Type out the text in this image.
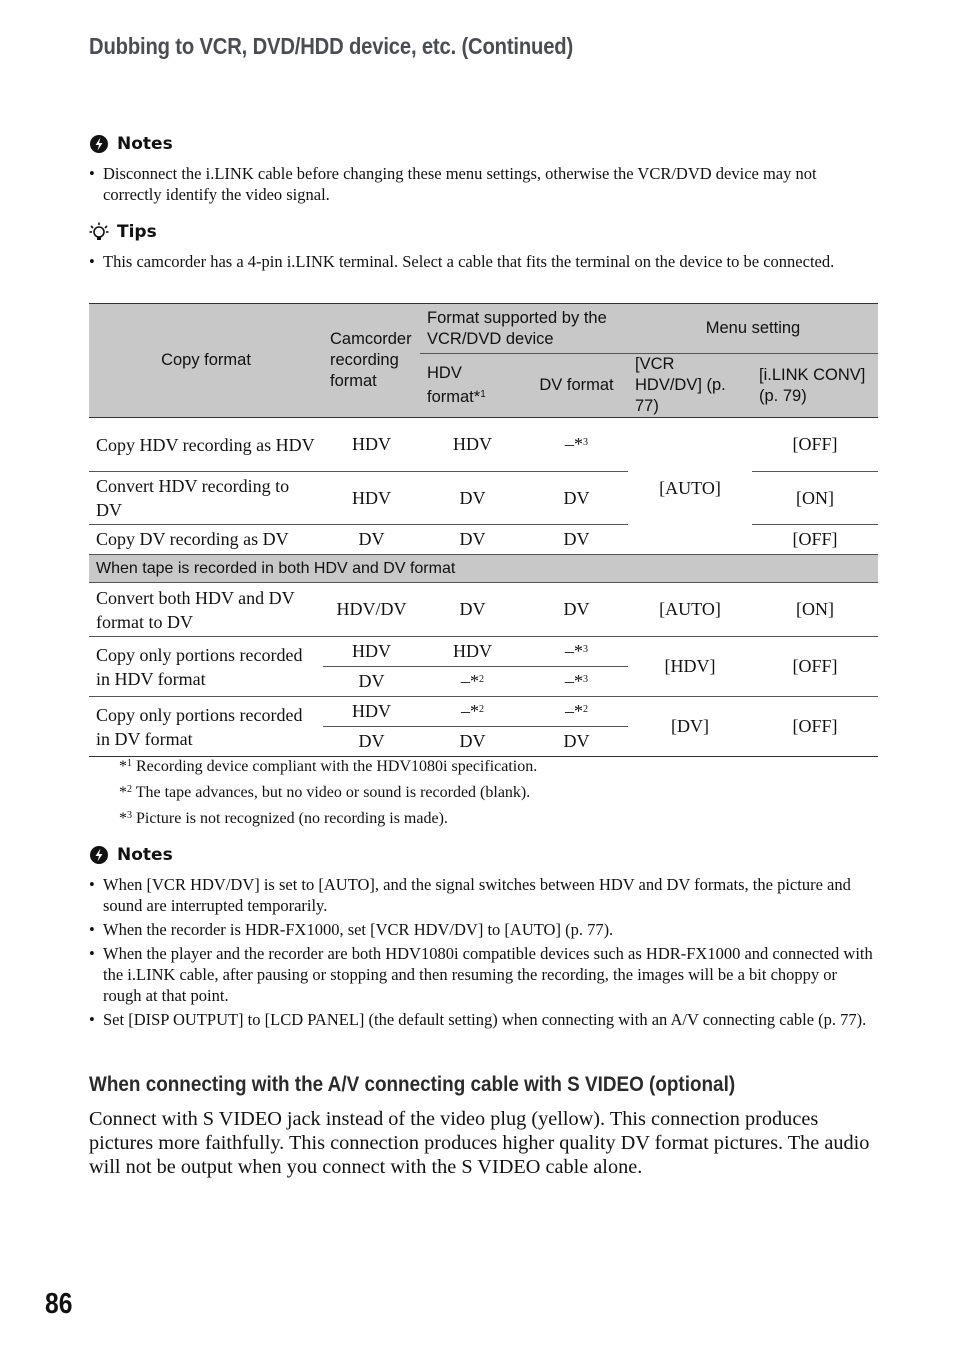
Dubbing to VCR, DVD/HDD device, etc. (Continued)
Notes
• Disconnect the i.LINK cable before changing these menu settings, otherwise the VCR/DVD device may not correctly identify the video signal.
Tips
• This camcorder has a 4-pin i.LINK terminal. Select a cable that fits the terminal on the device to be connected.
Copy format	Camcorder recording format	Format supported by the VCR/DVD device		Menu setting	
		HDV format*$^1$	DV format	[VCR HDV/DV] (p. 77)	[i.LINK CONV] (p. 79)
Copy HDV recording as HDV	HDV	HDV	–*$^3$	[AUTO]	[OFF]
Convert HDV recording to DV	HDV	DV	DV		[ON]
Copy DV recording as DV	DV	DV	DV		[OFF]
When tape is recorded in both HDV and DV format					
Convert both HDV and DV format to DV	HDV/DV	DV	DV	[AUTO]	[ON]
Copy only portions recorded in HDV format	HDV	HDV	–*$^3$	[HDV]	[OFF]
	DV	–*$^2$	–*$^3$
Copy only portions recorded in DV format	HDV	–*$^2$	–*$^2$	[DV]	[OFF]
	DV	DV	DV		
*$^1$ Recording device compliant with the HDV1080i specification.
*$^2$ The tape advances, but no video or sound is recorded (blank).
*$^3$ Picture is not recognized (no recording is made).
Notes
• When [VCR HDV/DV] is set to [AUTO], and the signal switches between HDV and DV formats, the picture and sound are interrupted temporarily.
• When the recorder is HDR-FX1000, set [VCR HDV/DV] to [AUTO] (p. 77).
• When the player and the recorder are both HDV1080i compatible devices such as HDR-FX1000 and connected with the i.LINK cable, after pausing or stopping and then resuming the recording, the images will be a bit choppy or rough at that point.
• Set [DISP OUTPUT] to [LCD PANEL] (the default setting) when connecting with an A/V connecting cable (p. 77).
When connecting with the A/V connecting cable with S VIDEO (optional)
Connect with S VIDEO jack instead of the video plug (yellow). This connection produces pictures more faithfully. This connection produces higher quality DV format pictures. The audio will not be output when you connect with the S VIDEO cable alone.
86
